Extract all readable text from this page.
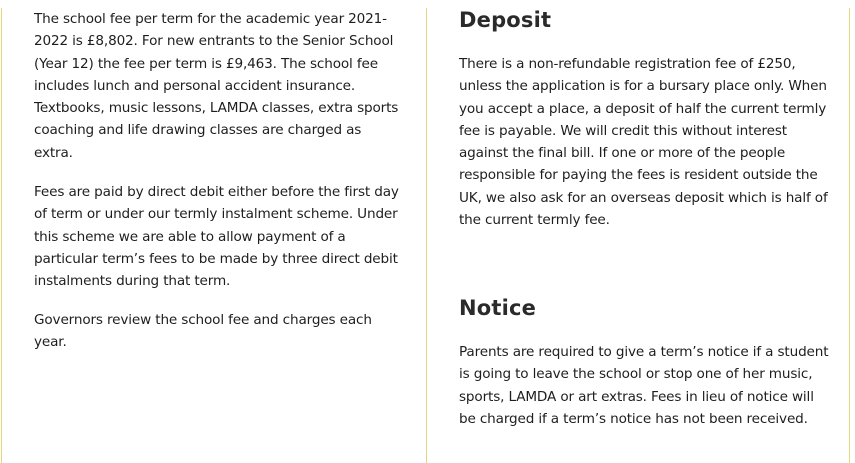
The school fee per term for the academic year 2021-2022 is £8,802. For new entrants to the Senior School (Year 12) the fee per term is £9,463. The school fee includes lunch and personal accident insurance. Textbooks, music lessons, LAMDA classes, extra sports coaching and life drawing classes are charged as extra.

Fees are paid by direct debit either before the first day of term or under our termly instalment scheme. Under this scheme we are able to allow payment of a particular term’s fees to be made by three direct debit instalments during that term.

Governors review the school fee and charges each year.

Deposit

There is a non-refundable registration fee of £250, unless the application is for a bursary place only. When you accept a place, a deposit of half the current termly fee is payable. We will credit this without interest against the final bill. If one or more of the people responsible for paying the fees is resident outside the UK, we also ask for an overseas deposit which is half of the current termly fee.

Notice

Parents are required to give a term’s notice if a student is going to leave the school or stop one of her music, sports, LAMDA or art extras. Fees in lieu of notice will be charged if a term’s notice has not been received.
